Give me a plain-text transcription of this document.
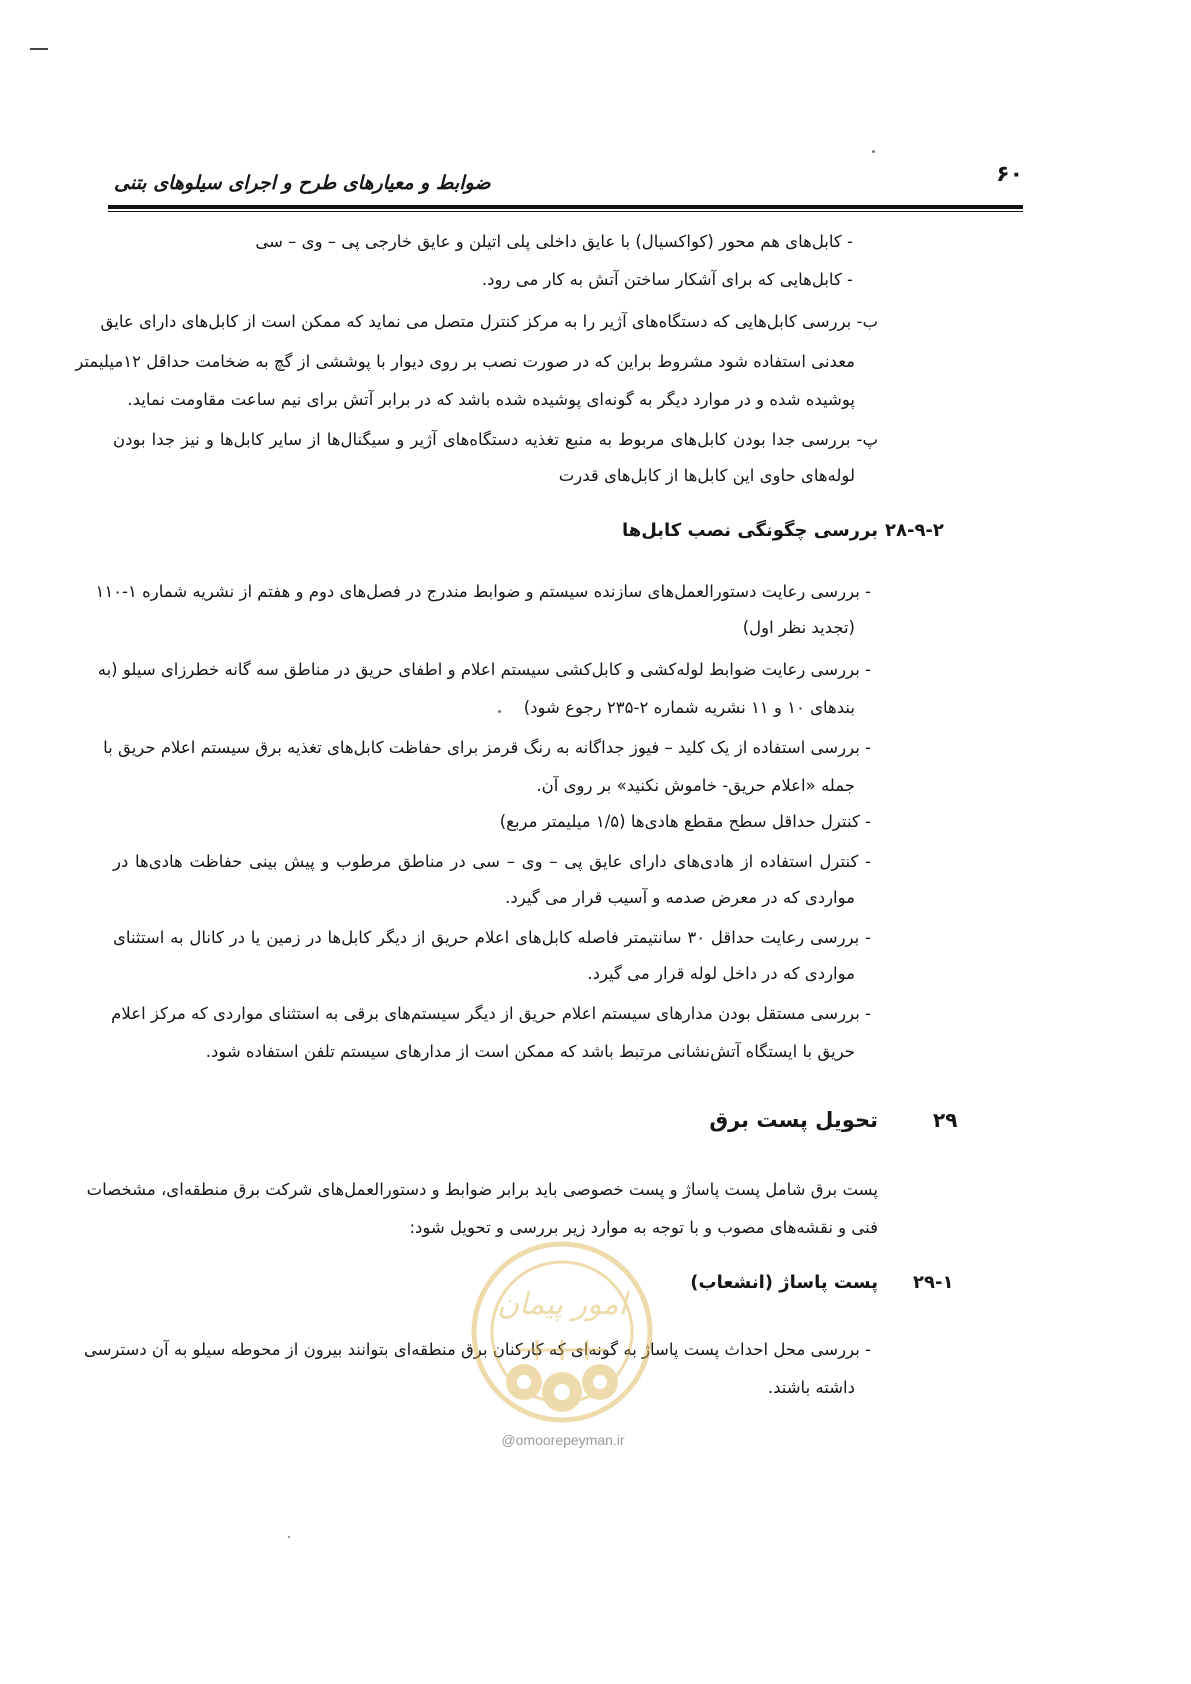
۶۰
ضوابط و معیارهای طرح و اجرای سیلوهای بتنی
- کابل‌های هم محور (کواکسیال) با عایق داخلی پلی اتیلن و عایق خارجی پی – وی – سی
- کابل‌هایی که برای آشکار ساختن آتش به کار می رود.
ب- بررسی کابل‌هایی که دستگاه‌های آژیر را به مرکز کنترل متصل می نماید که ممکن است از کابل‌های دارای عایق
معدنی استفاده شود مشروط براین که در صورت نصب بر روی دیوار با پوششی از گچ به ضخامت حداقل ۱۲میلیمتر
پوشیده شده و در موارد دیگر به گونه‌ای پوشیده شده باشد که در برابر آتش برای نیم ساعت مقاومت نماید.
پ- بررسی جدا بودن کابل‌های مربوط به منبع تغذیه دستگاه‌های آژیر و سیگنال‌ها از سایر کابل‌ها و نیز جدا بودن
لوله‌های حاوی این کابل‌ها از کابل‌های قدرت
۲۸-۹-۲
بررسی چگونگی نصب کابل‌ها
- بررسی رعایت دستورالعمل‌های سازنده سیستم و ضوابط مندرج در فصل‌های دوم و هفتم از نشریه شماره ۱-۱۱۰
(تجدید نظر اول)
- بررسی رعایت ضوابط لوله‌کشی و کابل‌کشی سیستم اعلام و اطفای حریق در مناطق سه گانه خطرزای سیلو (به
بندهای ۱۰ و ۱۱ نشریه شماره ۲-۲۳۵ رجوع شود)
- بررسی استفاده از یک کلید – فیوز جداگانه به رنگ قرمز برای حفاظت کابل‌های تغذیه برق سیستم اعلام حریق با
جمله «اعلام حریق- خاموش نکنید» بر روی آن.
- کنترل حداقل سطح مقطع هادی‌ها (۱/۵ میلیمتر مربع)
- کنترل استفاده از هادی‌های دارای عایق پی – وی – سی در مناطق مرطوب و پیش بینی حفاظت هادی‌ها در
مواردی که در معرض صدمه و آسیب قرار می گیرد.
- بررسی رعایت حداقل ۳۰ سانتیمتر فاصله کابل‌های اعلام حریق از دیگر کابل‌ها در زمین یا در کانال به استثنای
مواردی که در داخل لوله قرار می گیرد.
- بررسی مستقل بودن مدارهای سیستم اعلام حریق از دیگر سیستم‌های برقی به استثنای مواردی که مرکز اعلام
حریق با ایستگاه آتش‌نشانی مرتبط باشد که ممکن است از مدارهای سیستم تلفن استفاده شود.
۲۹
تحویل پست برق
پست برق شامل پست پاساژ و پست خصوصی باید برابر ضوابط و دستورالعمل‌های شرکت برق منطقه‌ای، مشخصات
فنی و نقشه‌های مصوب و با توجه به موارد زیر بررسی و تحویل شود:
۲۹-۱
پست پاساژ (انشعاب)
- بررسی محل احداث پست پاساژ به گونه‌ای که کارکنان برق منطقه‌ای بتوانند بیرون از محوطه سیلو به آن دسترسی
داشته باشند.
امور پیمان
@omoorepeyman.ir
